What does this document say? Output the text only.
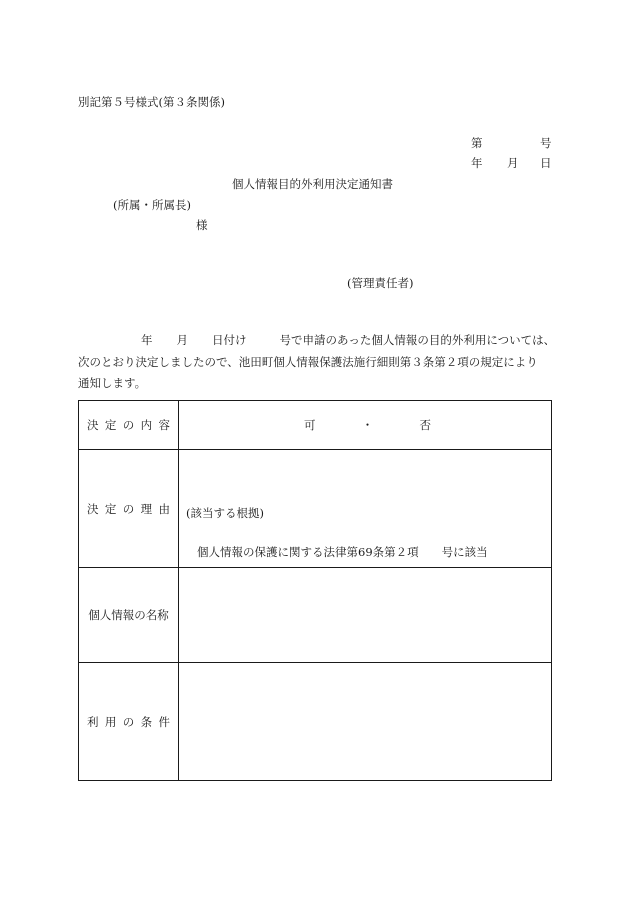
別記第５号様式(第３条関係)
第	号
年 月 日
個人情報目的外利用決定通知書
(所属・所属長)
様
(管理責任者)
年 月 日付け	号で申請のあった個人情報の目的外利用については、
次のとおり決定しましたので、池田町個人情報保護法施行細則第３条第２項の規定により
通知します。
決 定 の 内 容	可 ・ 否

決 定 の 理 由	(該当する根拠)
個人情報の保護に関する法律第69条第２項　　号に該当

個人情報の名称	

利 用 の 条 件	
